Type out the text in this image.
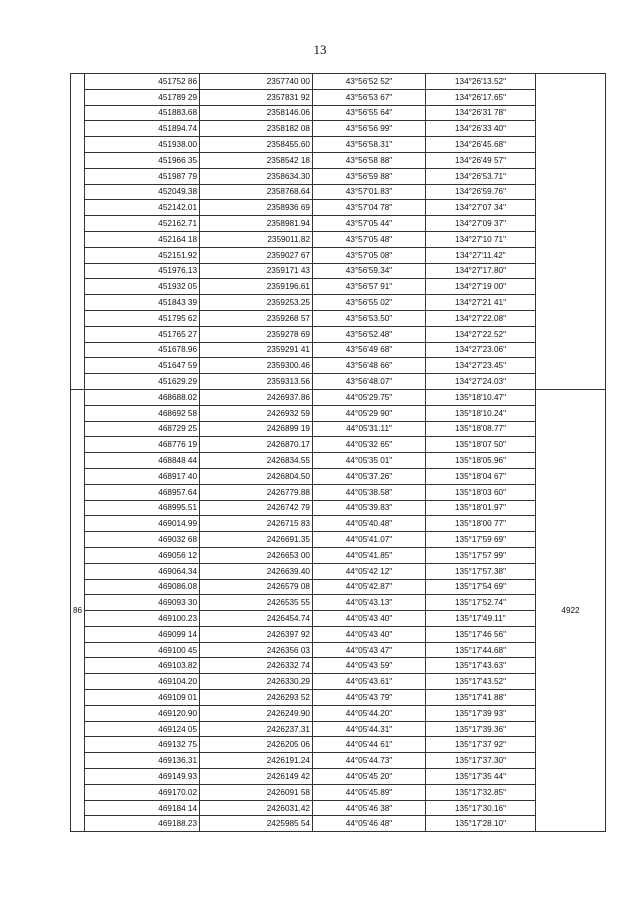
13
	451752 86	2357740 00	43°56'52 52"	134°26'13.52"	
	451789 29	2357831 92	43°56'53 67"	134°26'17.65"	
	451883.68	2358146.06	43°56'55 64"	134°26'31 78"	
	451894.74	2358182 08	43°56'56 99"	134°26'33 40"	
	451938.00	2358455.60	43°56'58.31"	134°26'45.68"	
	451966 35	2358542 18	43°56'58 88"	134°26'49 57"	
	451987 79	2358634.30	43°56'59 88"	134°26'53.71"	
	452049.38	2358768.64	43°57'01.83"	134°26'59.76"	
	452142.01	2358936 69	43°57'04 78"	134°27'07 34"	
	452162.71	2358981.94	43°57'05 44"	134°27'09 37"	
	452164 18	2359011.82	43°57'05 48"	134°27'10 71"	
	452151.92	2359027 67	43°57'05 08"	134°27'11.42"	
	451976.13	2359171 43	43°56'59.34"	134°27'17.80"	
	451932 05	2359196.61	43°56'57 91"	134°27'19 00"	
	451843 39	2359253.25	43°56'55 02"	134°27'21 41"	
	451795 62	2359268 57	43°56'53.50"	134°27'22.08"	
	451765 27	2359278 69	43°56'52.48"	134°27'22.52"	
	451678.96	2359291 41	43°56'49 68"	134°27'23.06"	
	451647 59	2359300.46	43°56'48 66"	134°27'23.45"	
	451629.29	2359313.56	43°56'48.07"	134°27'24.03"	
86	468688.02	2426937.86	44°05'29.75"	135°18'10.47"	4922
	468692 58	2426932 59	44°05'29 90"	135°18'10.24"	
	468729 25	2426899 19	44°05'31.11"	135°18'08.77"	
	468776 19	2426870.17	44°05'32 65"	135°18'07 50"	
	468848 44	2426834.55	44°05'35 01"	135°18'05.96"	
	468917 40	2426804.50	44°05'37.26"	135°18'04 67"	
	468957.64	2426779.88	44°05'38.58"	135°18'03 60"	
	468995.51	2426742 79	44°05'39.83"	135°18'01.97"	
	469014.99	2426715 83	44°05'40.48"	135°18'00 77"	
	469032 68	2426691.35	44°05'41.07"	135°17'59 69"	
	469056 12	2426653 00	44°05'41.85"	135°17'57 99"	
	469064.34	2426639.40	44°05'42 12"	135°17'57.38"	
	469086.08	2426579 08	44°05'42.87"	135°17'54 69"	
	469093 30	2426535 55	44°05'43.13"	135°17'52.74"	
	469100.23	2426454.74	44°05'43 40"	135°17'49.11"	
	469099 14	2426397 92	44°05'43 40"	135°17'46 56"	
	469100 45	2426356 03	44°05'43 47"	135°17'44.68"	
	469103.82	2426332 74	44°05'43 59"	135°17'43.63"	
	469104.20	2426330.29	44°05'43.61"	135°17'43.52"	
	469109 01	2426293 52	44°05'43 79"	135°17'41 88"	
	469120.90	2426249.90	44°05'44.20"	135°17'39 93"	
	469124 05	2426237.31	44°05'44.31"	135°17'39.36"	
	469132 75	2426205 06	44°05'44 61"	135°17'37 92"	
	469136.31	2426191.24	44°05'44.73"	135°17'37.30"	
	469149.93	2426149 42	44°05'45 20"	135°17'35 44"	
	469170.02	2426091 58	44°05'45.89"	135°17'32.85"	
	469184 14	2426031.42	44°05'46 38"	135°17'30.16"	
	469188.23	2425985 54	44°05'46 48"	135°17'28.10"	
